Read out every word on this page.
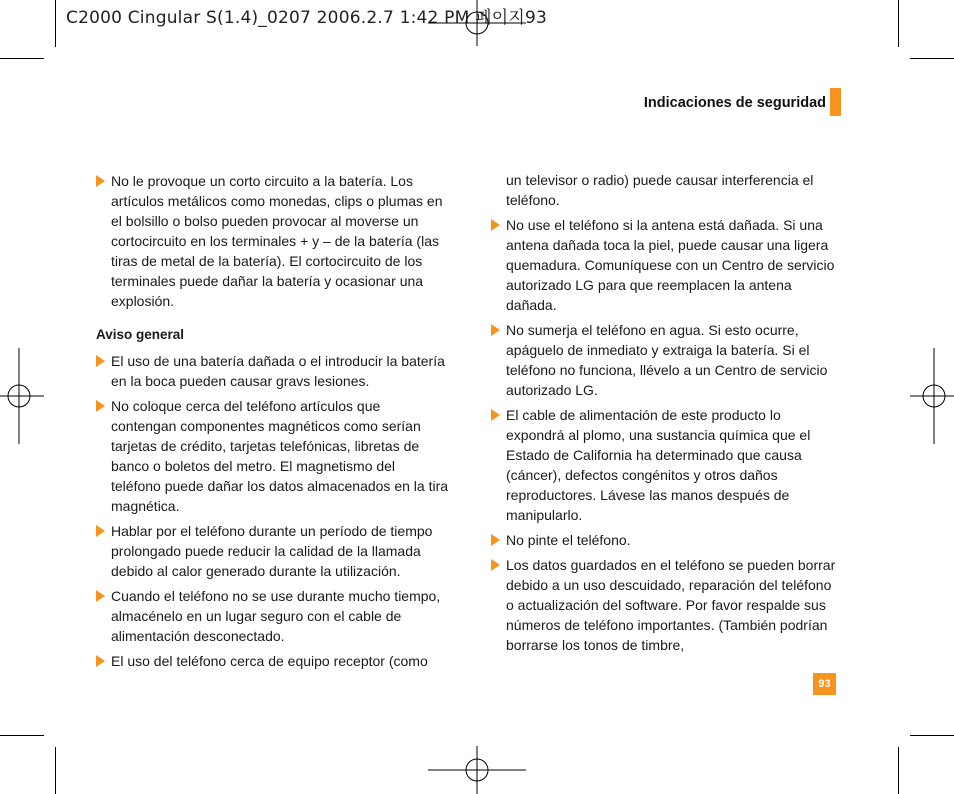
C2000 Cingular S(1.4)_0207 2006.2.7 1:42 PM 페이지93
Indicaciones de seguridad
No le provoque un corto circuito a la batería. Los artículos metálicos como monedas, clips o plumas en el bolsillo o bolso pueden provocar al moverse un cortocircuito en los terminales + y – de la batería (las tiras de metal de la batería). El cortocircuito de los terminales puede dañar la batería y ocasionar una explosión.
Aviso general
El uso de una batería dañada o el introducir la batería en la boca pueden causar gravs lesiones.
No coloque cerca del teléfono artículos que contengan componentes magnéticos como serían tarjetas de crédito, tarjetas telefónicas, libretas de banco o boletos del metro. El magnetismo del teléfono puede dañar los datos almacenados en la tira magnética.
Hablar por el teléfono durante un período de tiempo prolongado puede reducir la calidad de la llamada debido al calor generado durante la utilización.
Cuando el teléfono no se use durante mucho tiempo, almacénelo en un lugar seguro con el cable de alimentación desconectado.
El uso del teléfono cerca de equipo receptor (como
un televisor o radio) puede causar interferencia el teléfono.
No use el teléfono si la antena está dañada. Si una antena dañada toca la piel, puede causar una ligera quemadura. Comuníquese con un Centro de servicio autorizado LG para que reemplacen la antena dañada.
No sumerja el teléfono en agua. Si esto ocurre, apáguelo de inmediato y extraiga la batería. Si el teléfono no funciona, llévelo a un Centro de servicio autorizado LG.
El cable de alimentación de este producto lo expondrá al plomo, una sustancia química que el Estado de California ha determinado que causa (cáncer), defectos congénitos y otros daños reproductores. Lávese las manos después de manipularlo.
No pinte el teléfono.
Los datos guardados en el teléfono se pueden borrar debido a un uso descuidado, reparación del teléfono o actualización del software. Por favor respalde sus números de teléfono importantes. (También podrían borrarse los tonos de timbre,
93
